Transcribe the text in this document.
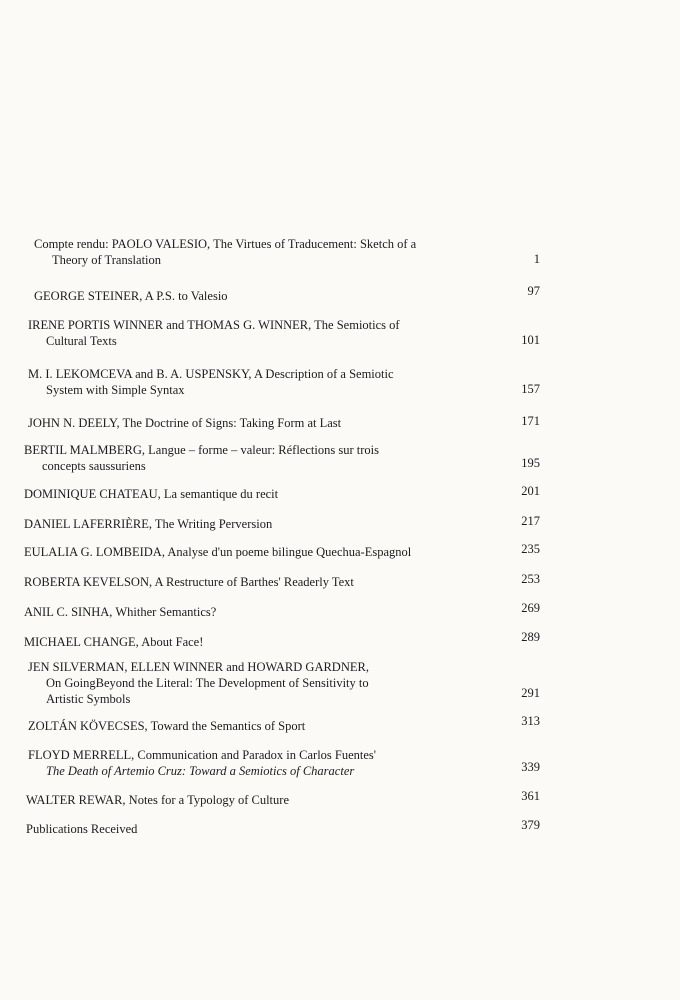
Compte rendu: PAOLO VALESIO, The Virtues of Traducement: Sketch of a
Theory of Translation	1
GEORGE STEINER, A P.S. to Valesio	97
IRENE PORTIS WINNER and THOMAS G. WINNER, The Semiotics of
Cultural Texts	101
M. I. LEKOMCEVA and B. A. USPENSKY, A Description of a Semiotic
System with Simple Syntax	157
JOHN N. DEELY, The Doctrine of Signs: Taking Form at Last	171
BERTIL MALMBERG, Langue – forme – valeur: Réflections sur trois
concepts saussuriens	195
DOMINIQUE CHATEAU, La semantique du recit	201
DANIEL LAFERRIÈRE, The Writing Perversion	217
EULALIA G. LOMBEIDA, Analyse d'un poeme bilingue Quechua-Espagnol	235
ROBERTA KEVELSON, A Restructure of Barthes' Readerly Text	253
ANIL C. SINHA, Whither Semantics?	269
MICHAEL CHANGE, About Face!	289
JEN SILVERMAN, ELLEN WINNER and HOWARD GARDNER,
On GoingBeyond the Literal: The Development of Sensitivity to
Artistic Symbols	291
ZOLTÁN KÖVECSES, Toward the Semantics of Sport	313
FLOYD MERRELL, Communication and Paradox in Carlos Fuentes'
The Death of Artemio Cruz: Toward a Semiotics of Character	339
WALTER REWAR, Notes for a Typology of Culture	361
Publications Received	379
